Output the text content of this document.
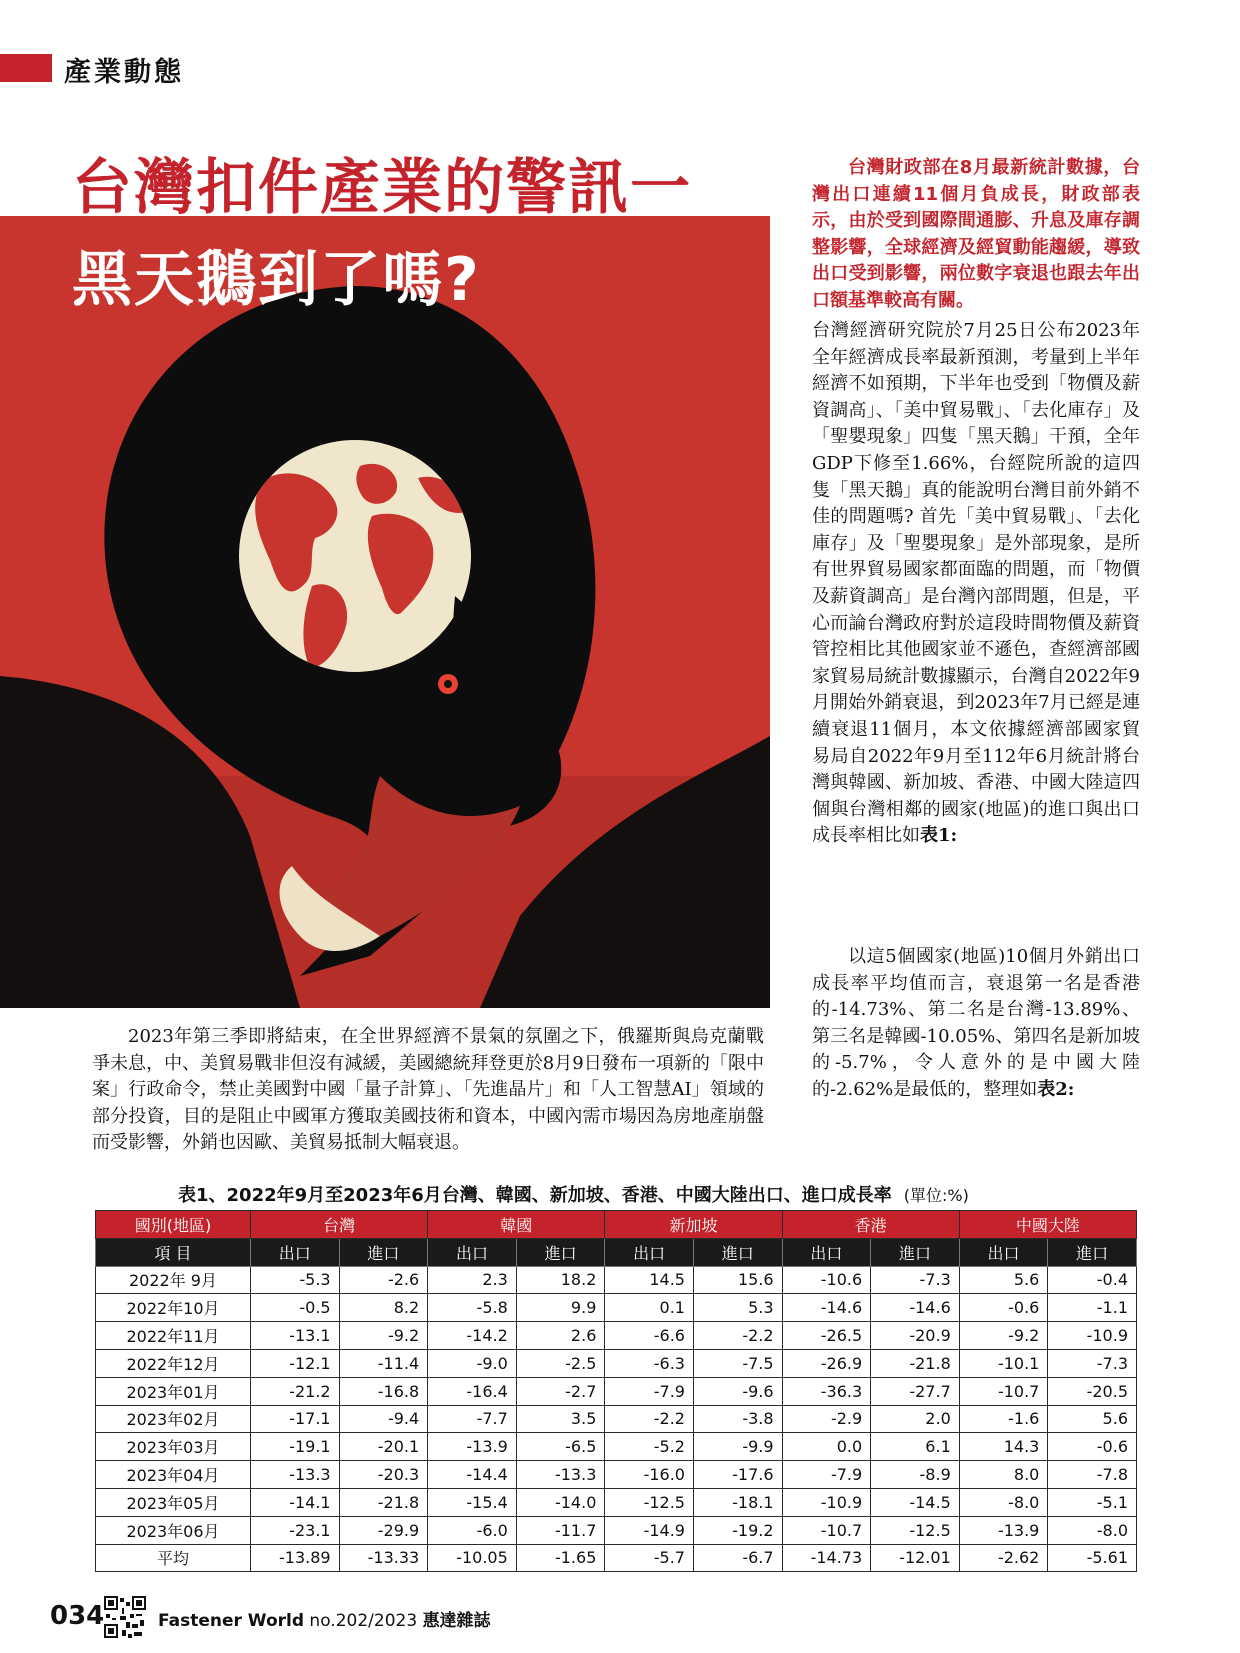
產業動態
台灣扣件產業的警訊一
黑天鵝到了嗎?

台灣財政部在8月最新統計數據，台灣出口連續11個月負成長，財政部表示，由於受到國際間通膨、升息及庫存調整影響，全球經濟及經貿動能趨緩，導致出口受到影響，兩位數字衰退也跟去年出口額基準較高有關。

台灣經濟研究院於7月25日公布2023年全年經濟成長率最新預測，考量到上半年經濟不如預期，下半年也受到「物價及薪資調高」、「美中貿易戰」、「去化庫存」及「聖嬰現象」四隻「黑天鵝」干預，全年GDP下修至1.66%，台經院所說的這四隻「黑天鵝」真的能說明台灣目前外銷不佳的問題嗎? 首先「美中貿易戰」、「去化庫存」及「聖嬰現象」是外部現象，是所有世界貿易國家都面臨的問題，而「物價及薪資調高」是台灣內部問題，但是，平心而論台灣政府對於這段時間物價及薪資管控相比其他國家並不遜色，查經濟部國家貿易局統計數據顯示，台灣自2022年9月開始外銷衰退，到2023年7月已經是連續衰退11個月，本文依據經濟部國家貿易局自2022年9月至112年6月統計將台灣與韓國、新加坡、香港、中國大陸這四個與台灣相鄰的國家(地區)的進口與出口成長率相比如表1:

以這5個國家(地區)10個月外銷出口成長率平均值而言，衰退第一名是香港的-14.73%、第二名是台灣-13.89%、第三名是韓國-10.05%、第四名是新加坡的-5.7%，令人意外的是中國大陸的-2.62%是最低的，整理如表2:

2023年第三季即將結束，在全世界經濟不景氣的氛圍之下，俄羅斯與烏克蘭戰爭未息，中、美貿易戰非但沒有減緩，美國總統拜登更於8月9日發布一項新的「限中案」行政命令，禁止美國對中國「量子計算」、「先進晶片」和「人工智慧AI」領域的部分投資，目的是阻止中國軍方獲取美國技術和資本，中國內需市場因為房地產崩盤而受影響，外銷也因歐、美貿易抵制大幅衰退。

表1、2022年9月至2023年6月台灣、韓國、新加坡、香港、中國大陸出口、進口成長率 (單位:%)
國別(地區)	台灣		韓國		新加坡		香港		中國大陸	
項 目	出口	進口	出口	進口	出口	進口	出口	進口	出口	進口
2022年 9月	-5.3	-2.6	2.3	18.2	14.5	15.6	-10.6	-7.3	5.6	-0.4
2022年10月	-0.5	8.2	-5.8	9.9	0.1	5.3	-14.6	-14.6	-0.6	-1.1
2022年11月	-13.1	-9.2	-14.2	2.6	-6.6	-2.2	-26.5	-20.9	-9.2	-10.9
2022年12月	-12.1	-11.4	-9.0	-2.5	-6.3	-7.5	-26.9	-21.8	-10.1	-7.3
2023年01月	-21.2	-16.8	-16.4	-2.7	-7.9	-9.6	-36.3	-27.7	-10.7	-20.5
2023年02月	-17.1	-9.4	-7.7	3.5	-2.2	-3.8	-2.9	2.0	-1.6	5.6
2023年03月	-19.1	-20.1	-13.9	-6.5	-5.2	-9.9	0.0	6.1	14.3	-0.6
2023年04月	-13.3	-20.3	-14.4	-13.3	-16.0	-17.6	-7.9	-8.9	8.0	-7.8
2023年05月	-14.1	-21.8	-15.4	-14.0	-12.5	-18.1	-10.9	-14.5	-8.0	-5.1
2023年06月	-23.1	-29.9	-6.0	-11.7	-14.9	-19.2	-10.7	-12.5	-13.9	-8.0
平均	-13.89	-13.33	-10.05	-1.65	-5.7	-6.7	-14.73	-12.01	-2.62	-5.61
034	Fastener World no.202/2023 惠達雜誌
